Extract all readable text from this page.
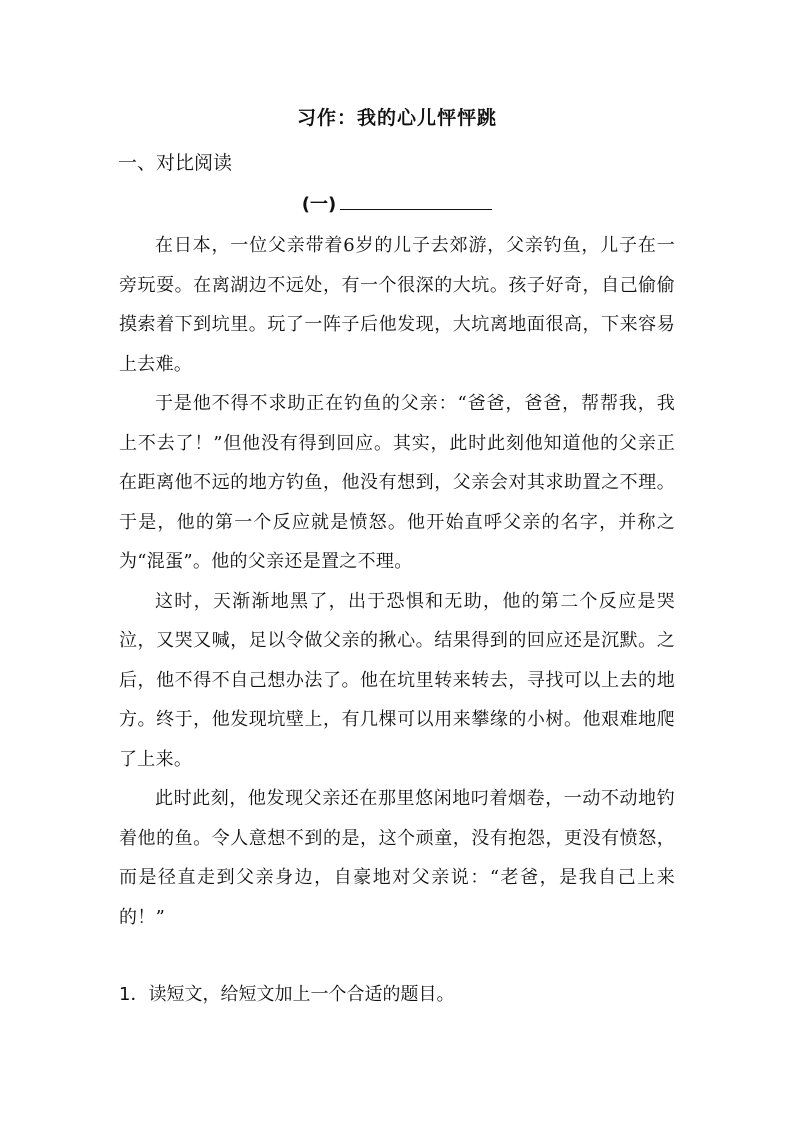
习作：我的心儿怦怦跳
一、对比阅读
(一)

在日本，一位父亲带着6岁的儿子去郊游，父亲钓鱼，儿子在一旁玩耍。在离湖边不远处，有一个很深的大坑。孩子好奇，自己偷偷摸索着下到坑里。玩了一阵子后他发现，大坑离地面很高，下来容易上去难。

于是他不得不求助正在钓鱼的父亲：“爸爸，爸爸，帮帮我，我上不去了！”但他没有得到回应。其实，此时此刻他知道他的父亲正在距离他不远的地方钓鱼，他没有想到，父亲会对其求助置之不理。于是，他的第一个反应就是愤怒。他开始直呼父亲的名字，并称之为“混蛋”。他的父亲还是置之不理。

这时，天渐渐地黑了，出于恐惧和无助，他的第二个反应是哭泣，又哭又喊，足以令做父亲的揪心。结果得到的回应还是沉默。之后，他不得不自己想办法了。他在坑里转来转去，寻找可以上去的地方。终于，他发现坑壁上，有几棵可以用来攀缘的小树。他艰难地爬了上来。

此时此刻，他发现父亲还在那里悠闲地叼着烟卷，一动不动地钓着他的鱼。令人意想不到的是，这个顽童，没有抱怨，更没有愤怒，而是径直走到父亲身边，自豪地对父亲说：“老爸，是我自己上来的！”

1．读短文，给短文加上一个合适的题目。
